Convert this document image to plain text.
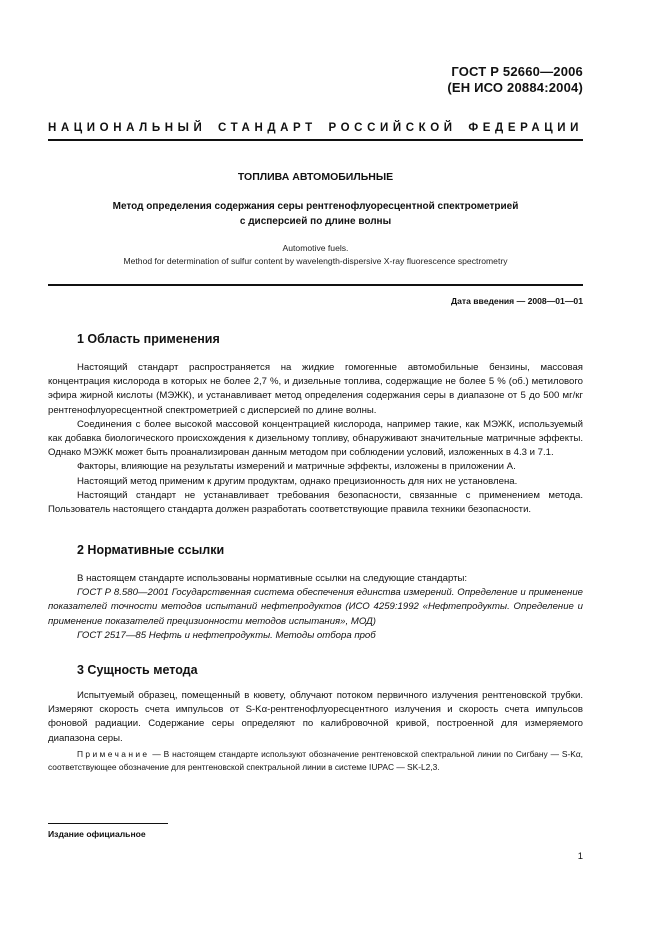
ГОСТ Р 52660—2006
(ЕН ИСО 20884:2004)
НАЦИОНАЛЬНЫЙ СТАНДАРТ РОССИЙСКОЙ ФЕДЕРАЦИИ
ТОПЛИВА АВТОМОБИЛЬНЫЕ
Метод определения содержания серы рентгенофлуоресцентной спектрометрией
с дисперсией по длине волны
Automotive fuels.
Method for determination of sulfur content by wavelength-dispersive X-ray fluorescence spectrometry
Дата введения — 2008—01—01
1 Область применения

Настоящий стандарт распространяется на жидкие гомогенные автомобильные бензины, массовая концентрация кислорода в которых не более 2,7 %, и дизельные топлива, содержащие не более 5 % (об.) метилового эфира жирной кислоты (МЭЖК), и устанавливает метод определения содержания серы в диапазоне от 5 до 500 мг/кг рентгенофлуоресцентной спектрометрией с дисперсией по длине волны.

Соединения с более высокой массовой концентрацией кислорода, например такие, как МЭЖК, используемый как добавка биологического происхождения к дизельному топливу, обнаруживают значительные матричные эффекты. Однако МЭЖК может быть проанализирован данным методом при соблюдении условий, изложенных в 4.3 и 7.1.

Факторы, влияющие на результаты измерений и матричные эффекты, изложены в приложении А.

Настоящий метод применим к другим продуктам, однако прецизионность для них не установлена.

Настоящий стандарт не устанавливает требования безопасности, связанные с применением метода. Пользователь настоящего стандарта должен разработать соответствующие правила техники безопасности.

2 Нормативные ссылки

В настоящем стандарте использованы нормативные ссылки на следующие стандарты:

ГОСТ Р 8.580—2001 Государственная система обеспечения единства измерений. Определение и применение показателей точности методов испытаний нефтепродуктов (ИСО 4259:1992 «Нефтепродукты. Определение и применение показателей прецизионности методов испытания», МОД)

ГОСТ 2517—85 Нефть и нефтепродукты. Методы отбора проб

3 Сущность метода

Испытуемый образец, помещенный в кювету, облучают потоком первичного излучения рентгеновской трубки. Измеряют скорость счета импульсов от S-Kα-рентгенофлуоресцентного излучения и скорость счета импульсов фоновой радиации. Содержание серы определяют по калибровочной кривой, построенной для измеряемого диапазона серы.

Примечание — В настоящем стандарте используют обозначение рентгеновской спектральной линии по Сигбану — S-Kα, соответствующее обозначение для рентгеновской спектральной линии в системе IUPAC — SK-L2,3.
Издание официальное
1
